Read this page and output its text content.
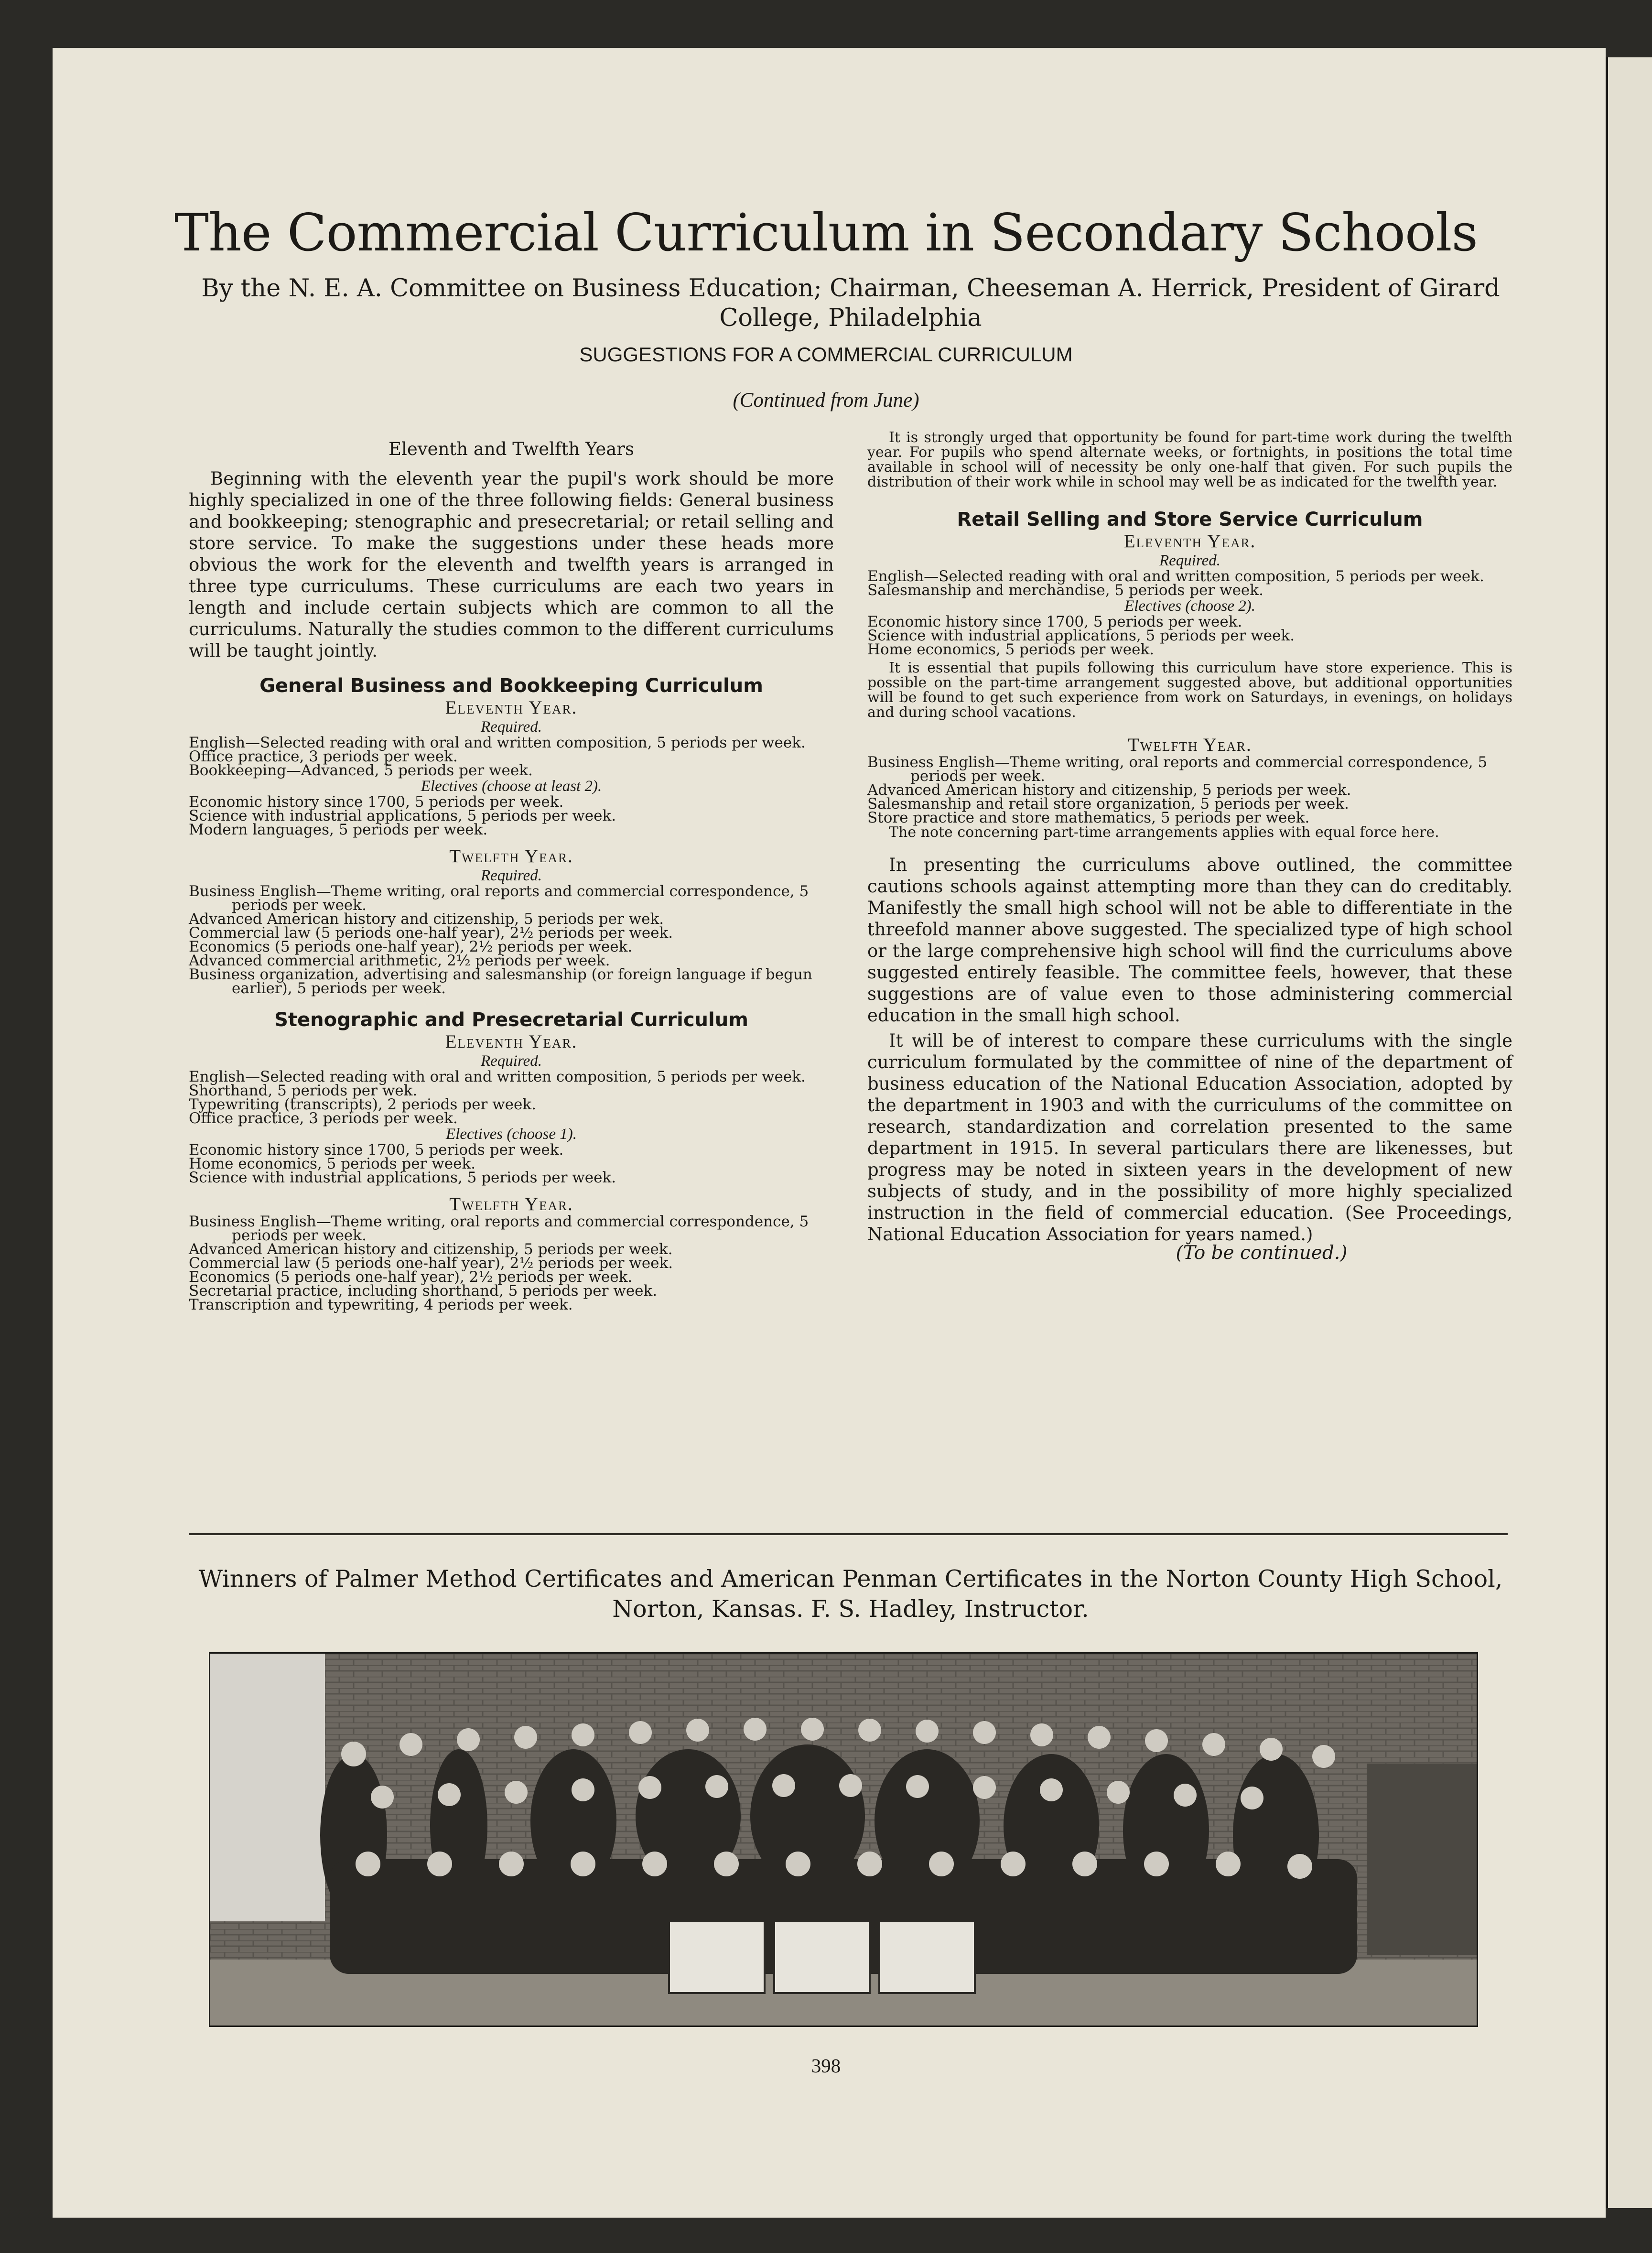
The Commercial Curriculum in Secondary Schools

By the N. E. A. Committee on Business Education; Chairman, Cheeseman A. Herrick, President of Girard College, Philadelphia

SUGGESTIONS FOR A COMMERCIAL CURRICULUM

(Continued from June)

Eleventh and Twelfth Years

Beginning with the eleventh year the pupil's work should be more highly specialized in one of the three following fields: General business and bookkeeping; stenographic and presecretarial; or retail selling and store service. To make the suggestions under these heads more obvious the work for the eleventh and twelfth years is arranged in three type curriculums. These curriculums are each two years in length and include certain subjects which are common to all the curriculums. Naturally the studies common to the different curriculums will be taught jointly.

General Business and Bookkeeping Curriculum

Eleventh Year.

Required.

English—Selected reading with oral and written composition, 5 periods per week.
Office practice, 3 periods per week.
Bookkeeping—Advanced, 5 periods per week.

Electives (choose at least 2).

Economic history since 1700, 5 periods per week.
Science with industrial applications, 5 periods per week.
Modern languages, 5 periods per week.

Twelfth Year.

Required.

Business English—Theme writing, oral reports and commercial correspondence, 5 periods per week.
Advanced American history and citizenship, 5 periods per wek.
Commercial law (5 periods one-half year), 2½ periods per week.
Economics (5 periods one-half year), 2½ periods per week.
Advanced commercial arithmetic, 2½ periods per week.
Business organization, advertising and salesmanship (or foreign language if begun earlier), 5 periods per week.

Stenographic and Presecretarial Curriculum

Eleventh Year.

Required.

English—Selected reading with oral and written composition, 5 periods per week.
Shorthand, 5 periods per wek.
Typewriting (transcripts), 2 periods per week.
Office practice, 3 periods per week.

Electives (choose 1).

Economic history since 1700, 5 periods per week.
Home economics, 5 periods per week.
Science with industrial applications, 5 periods per week.

Twelfth Year.

Business English—Theme writing, oral reports and commercial correspondence, 5 periods per week.
Advanced American history and citizenship, 5 periods per week.
Commercial law (5 periods one-half year), 2½ periods per week.
Economics (5 periods one-half year), 2½ periods per week.
Secretarial practice, including shorthand, 5 periods per week.
Transcription and typewriting, 4 periods per week.

It is strongly urged that opportunity be found for part-time work during the twelfth year. For pupils who spend alternate weeks, or fortnights, in positions the total time available in school will of necessity be only one-half that given. For such pupils the distribution of their work while in school may well be as indicated for the twelfth year.

Retail Selling and Store Service Curriculum

Eleventh Year.

Required.

English—Selected reading with oral and written composition, 5 periods per week.
Salesmanship and merchandise, 5 periods per week.

Electives (choose 2).

Economic history since 1700, 5 periods per week.
Science with industrial applications, 5 periods per week.
Home economics, 5 periods per week.

It is essential that pupils following this curriculum have store experience. This is possible on the part-time arrangement suggested above, but additional opportunities will be found to get such experience from work on Saturdays, in evenings, on holidays and during school vacations.

Twelfth Year.

Business English—Theme writing, oral reports and commercial correspondence, 5 periods per week.
Advanced American history and citizenship, 5 periods per week.
Salesmanship and retail store organization, 5 periods per week.
Store practice and store mathematics, 5 periods per week.

The note concerning part-time arrangements applies with equal force here.

In presenting the curriculums above outlined, the committee cautions schools against attempting more than they can do creditably. Manifestly the small high school will not be able to differentiate in the threefold manner above suggested. The specialized type of high school or the large comprehensive high school will find the curriculums above suggested entirely feasible. The committee feels, however, that these suggestions are of value even to those administering commercial education in the small high school.

It will be of interest to compare these curriculums with the single curriculum formulated by the committee of nine of the department of business education of the National Education Association, adopted by the department in 1903 and with the curriculums of the committee on research, standardization and correlation presented to the same department in 1915. In several particulars there are likenesses, but progress may be noted in sixteen years in the development of new subjects of study, and in the possibility of more highly specialized instruction in the field of commercial education. (See Proceedings, National Education Association for years named.)

(To be continued.)

Winners of Palmer Method Certificates and American Penman Certificates in the Norton County High School, Norton, Kansas. F. S. Hadley, Instructor.

398
